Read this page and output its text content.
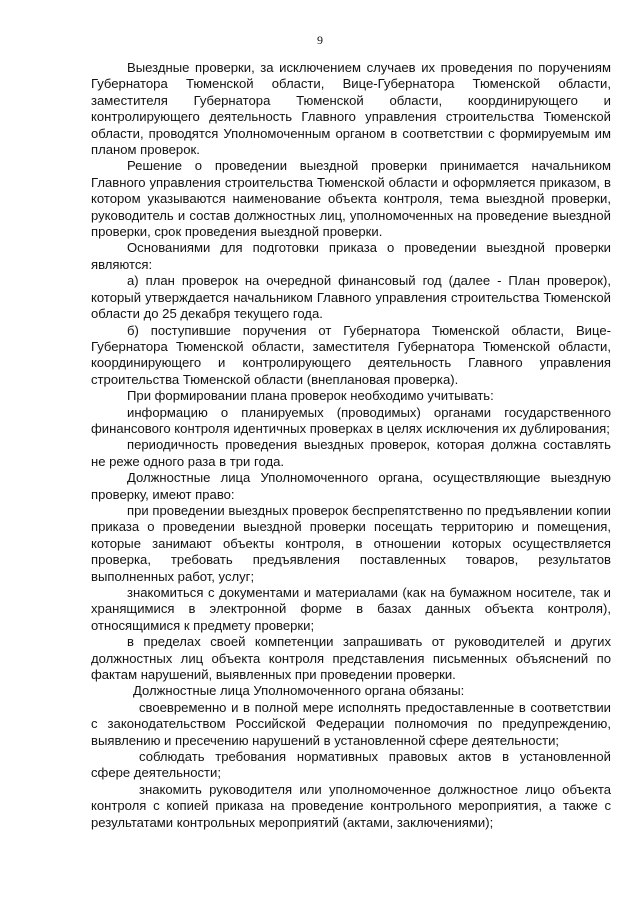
9

Выездные проверки, за исключением случаев их проведения по поручениям Губернатора Тюменской области, Вице-Губернатора Тюменской области, заместителя Губернатора Тюменской области, координирующего и контролирующего деятельность Главного управления строительства Тюменской области, проводятся Уполномоченным органом в соответствии с формируемым им планом проверок.

Решение о проведении выездной проверки принимается начальником Главного управления строительства Тюменской области и оформляется приказом, в котором указываются наименование объекта контроля, тема выездной проверки, руководитель и состав должностных лиц, уполномоченных на проведение выездной проверки, срок проведения выездной проверки.

Основаниями для подготовки приказа о проведении выездной проверки являются:

а) план проверок на очередной финансовый год (далее - План проверок), который утверждается начальником Главного управления строительства Тюменской области до 25 декабря текущего года.

б) поступившие поручения от Губернатора Тюменской области, Вице-Губернатора Тюменской области, заместителя Губернатора Тюменской области, координирующего и контролирующего деятельность Главного управления строительства Тюменской области (внеплановая проверка).

При формировании плана проверок необходимо учитывать:

информацию о планируемых (проводимых) органами государственного финансового контроля идентичных проверках в целях исключения их дублирования;

периодичность проведения выездных проверок, которая должна составлять не реже одного раза в три года.

Должностные лица Уполномоченного органа, осуществляющие выездную проверку, имеют право:

при проведении выездных проверок беспрепятственно по предъявлении копии приказа о проведении выездной проверки посещать территорию и помещения, которые занимают объекты контроля, в отношении которых осуществляется проверка, требовать предъявления поставленных товаров, результатов выполненных работ, услуг;

знакомиться с документами и материалами (как на бумажном носителе, так и хранящимися в электронной форме в базах данных объекта контроля), относящимися к предмету проверки;

в пределах своей компетенции запрашивать от руководителей и других должностных лиц объекта контроля представления письменных объяснений по фактам нарушений, выявленных при проведении проверки.

Должностные лица Уполномоченного органа обязаны:

своевременно и в полной мере исполнять предоставленные в соответствии с законодательством Российской Федерации полномочия по предупреждению, выявлению и пресечению нарушений в установленной сфере деятельности;

соблюдать требования нормативных правовых актов в установленной сфере деятельности;

знакомить руководителя или уполномоченное должностное лицо объекта контроля с копией приказа на проведение контрольного мероприятия, а также с результатами контрольных мероприятий (актами, заключениями);
